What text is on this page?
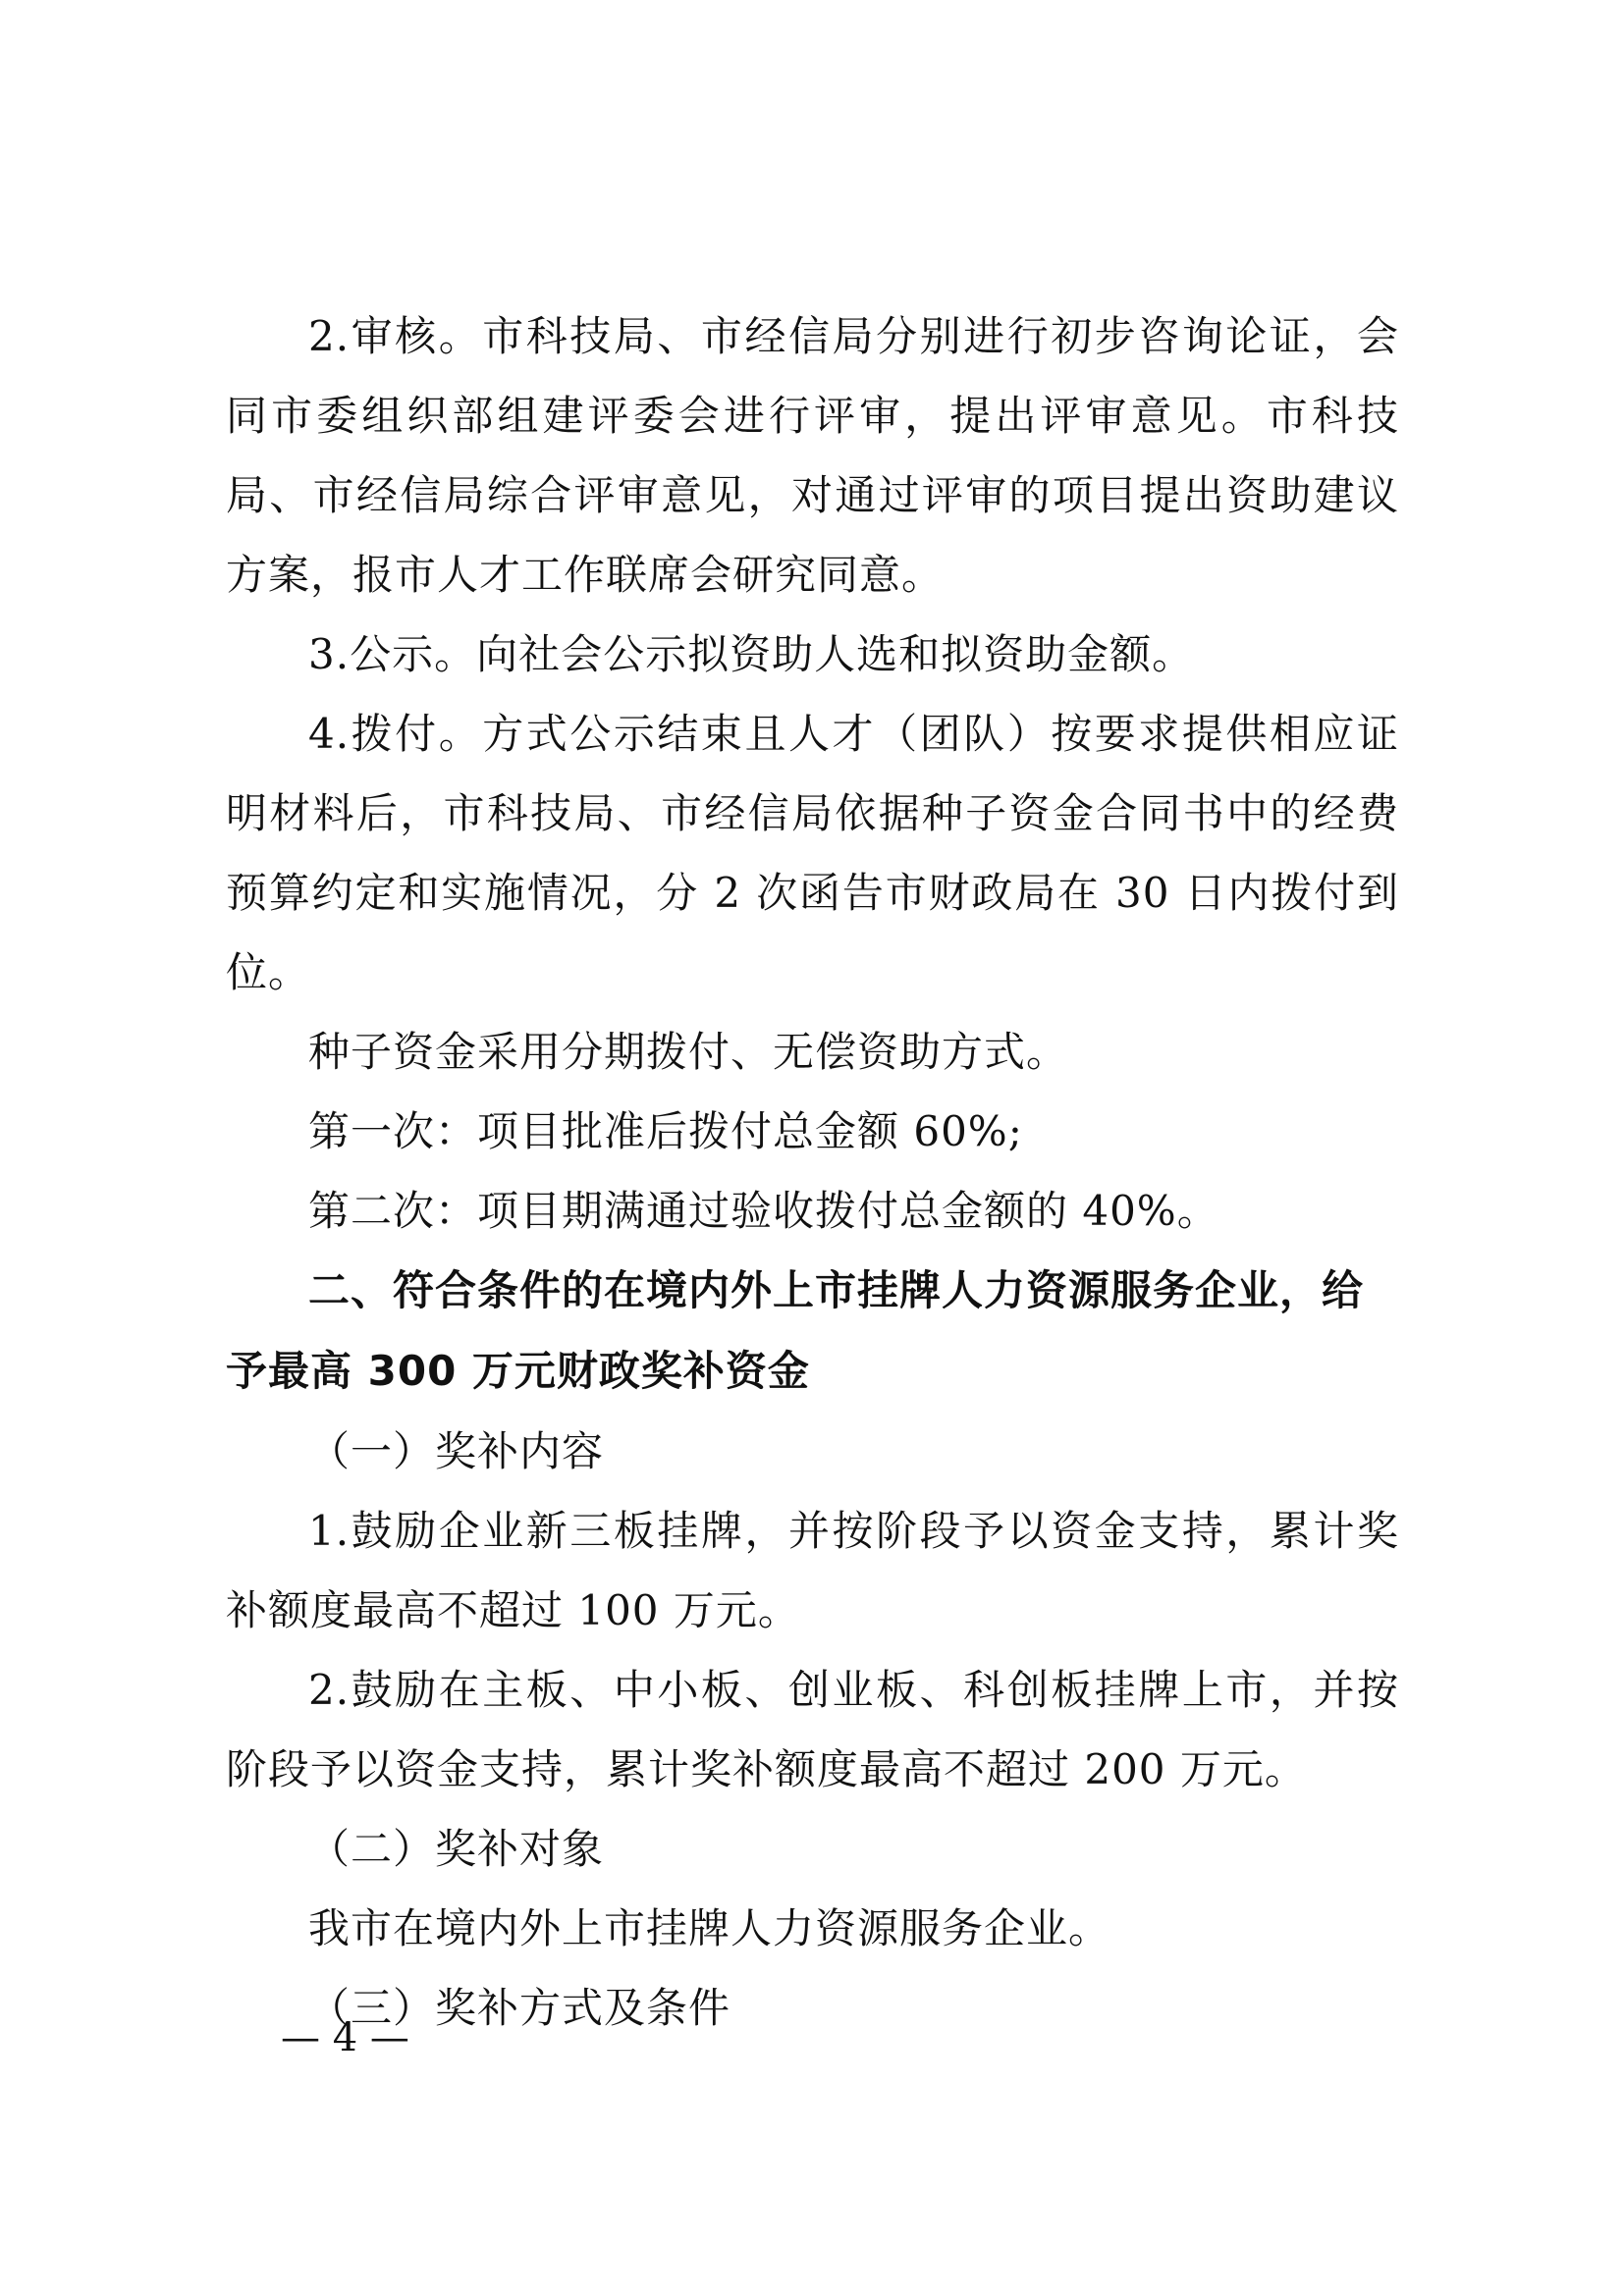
2.审核。市科技局、市经信局分别进行初步咨询论证，会同市委组织部组建评委会进行评审，提出评审意见。市科技局、市经信局综合评审意见，对通过评审的项目提出资助建议方案，报市人才工作联席会研究同意。

3.公示。向社会公示拟资助人选和拟资助金额。

4.拨付。方式公示结束且人才（团队）按要求提供相应证明材料后，市科技局、市经信局依据种子资金合同书中的经费预算约定和实施情况，分 2 次函告市财政局在 30 日内拨付到位。

种子资金采用分期拨付、无偿资助方式。

第一次：项目批准后拨付总金额 60%;

第二次：项目期满通过验收拨付总金额的 40%。

二、符合条件的在境内外上市挂牌人力资源服务企业，给予最高 300 万元财政奖补资金

（一）奖补内容

1.鼓励企业新三板挂牌，并按阶段予以资金支持，累计奖补额度最高不超过 100 万元。

2.鼓励在主板、中小板、创业板、科创板挂牌上市，并按阶段予以资金支持，累计奖补额度最高不超过 200 万元。

（二）奖补对象

我市在境内外上市挂牌人力资源服务企业。

（三）奖补方式及条件

— 4 —
